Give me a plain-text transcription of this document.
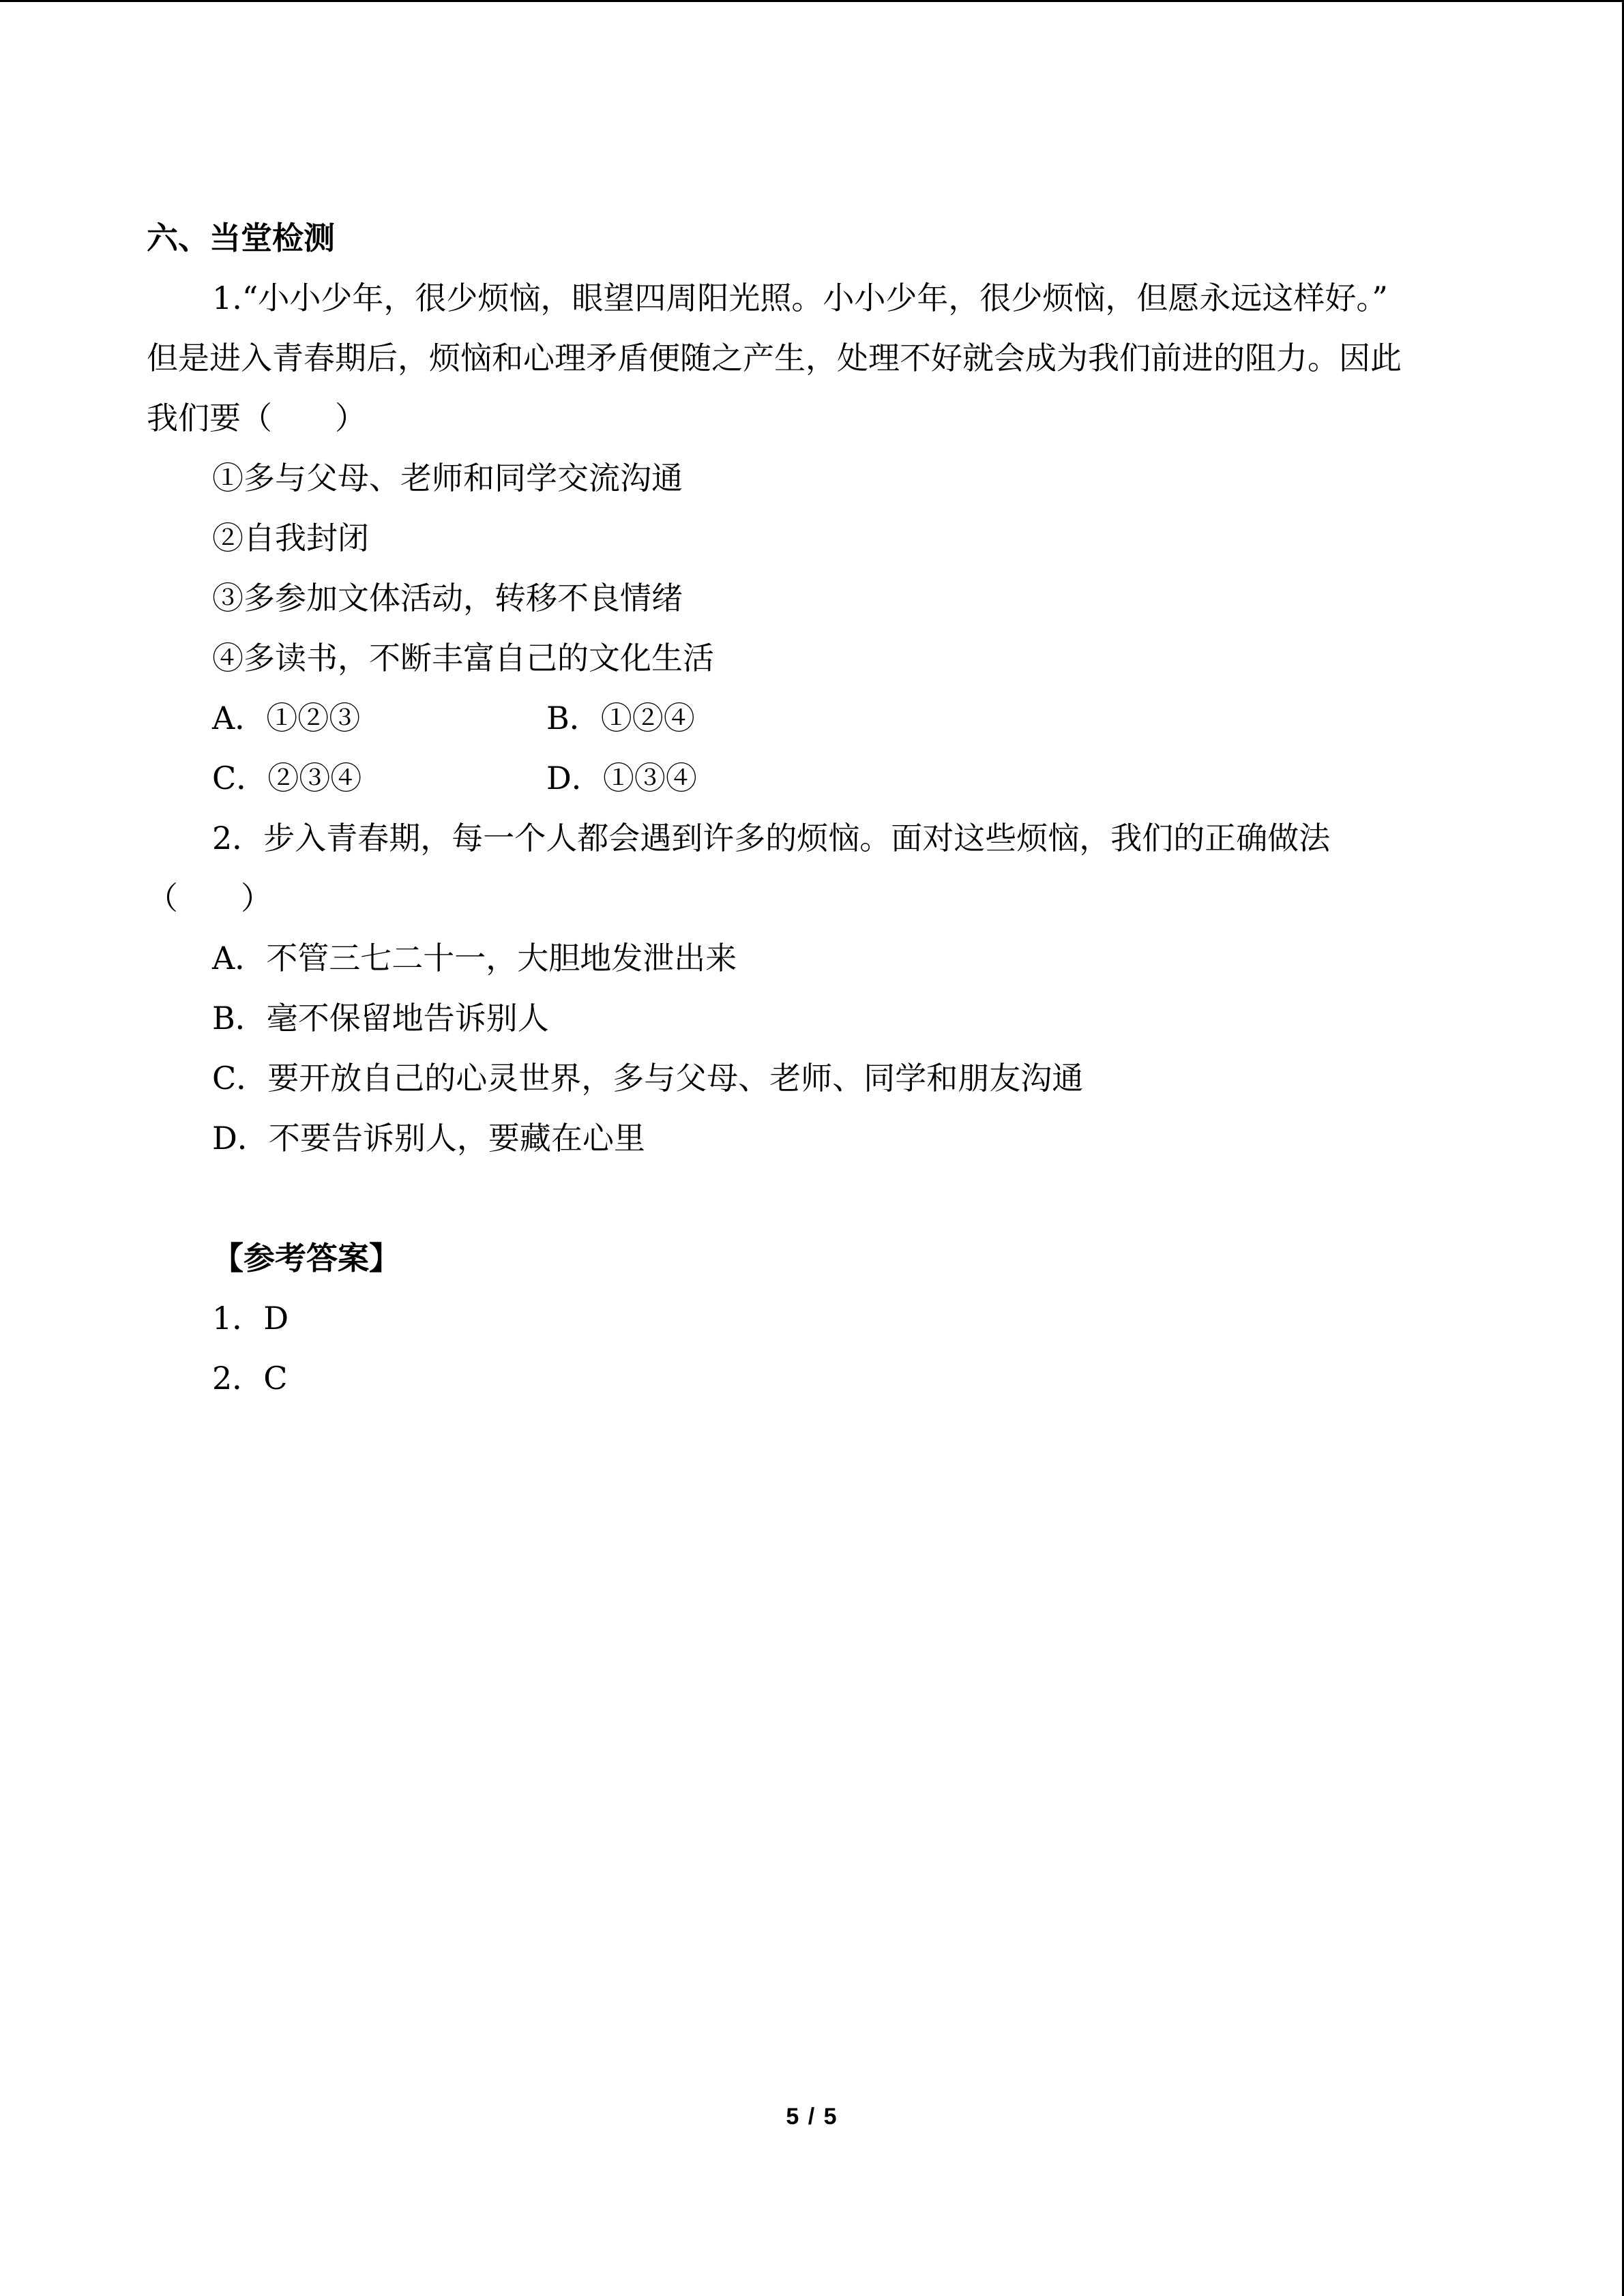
六、当堂检测
1.“小小少年，很少烦恼，眼望四周阳光照。小小少年，很少烦恼，但愿永远这样好。”
但是进入青春期后，烦恼和心理矛盾便随之产生，处理不好就会成为我们前进的阻力。因此
我们要（　　）
①多与父母、老师和同学交流沟通
②自我封闭
③多参加文体活动，转移不良情绪
④多读书，不断丰富自己的文化生活
A．①②③	B．①②④
C．②③④	D．①③④
2．步入青春期，每一个人都会遇到许多的烦恼。面对这些烦恼，我们的正确做法
（　　）
A．不管三七二十一，大胆地发泄出来
B．毫不保留地告诉别人
C．要开放自己的心灵世界，多与父母、老师、同学和朋友沟通
D．不要告诉别人，要藏在心里
【参考答案】
1．D
2．C
5 / 5
